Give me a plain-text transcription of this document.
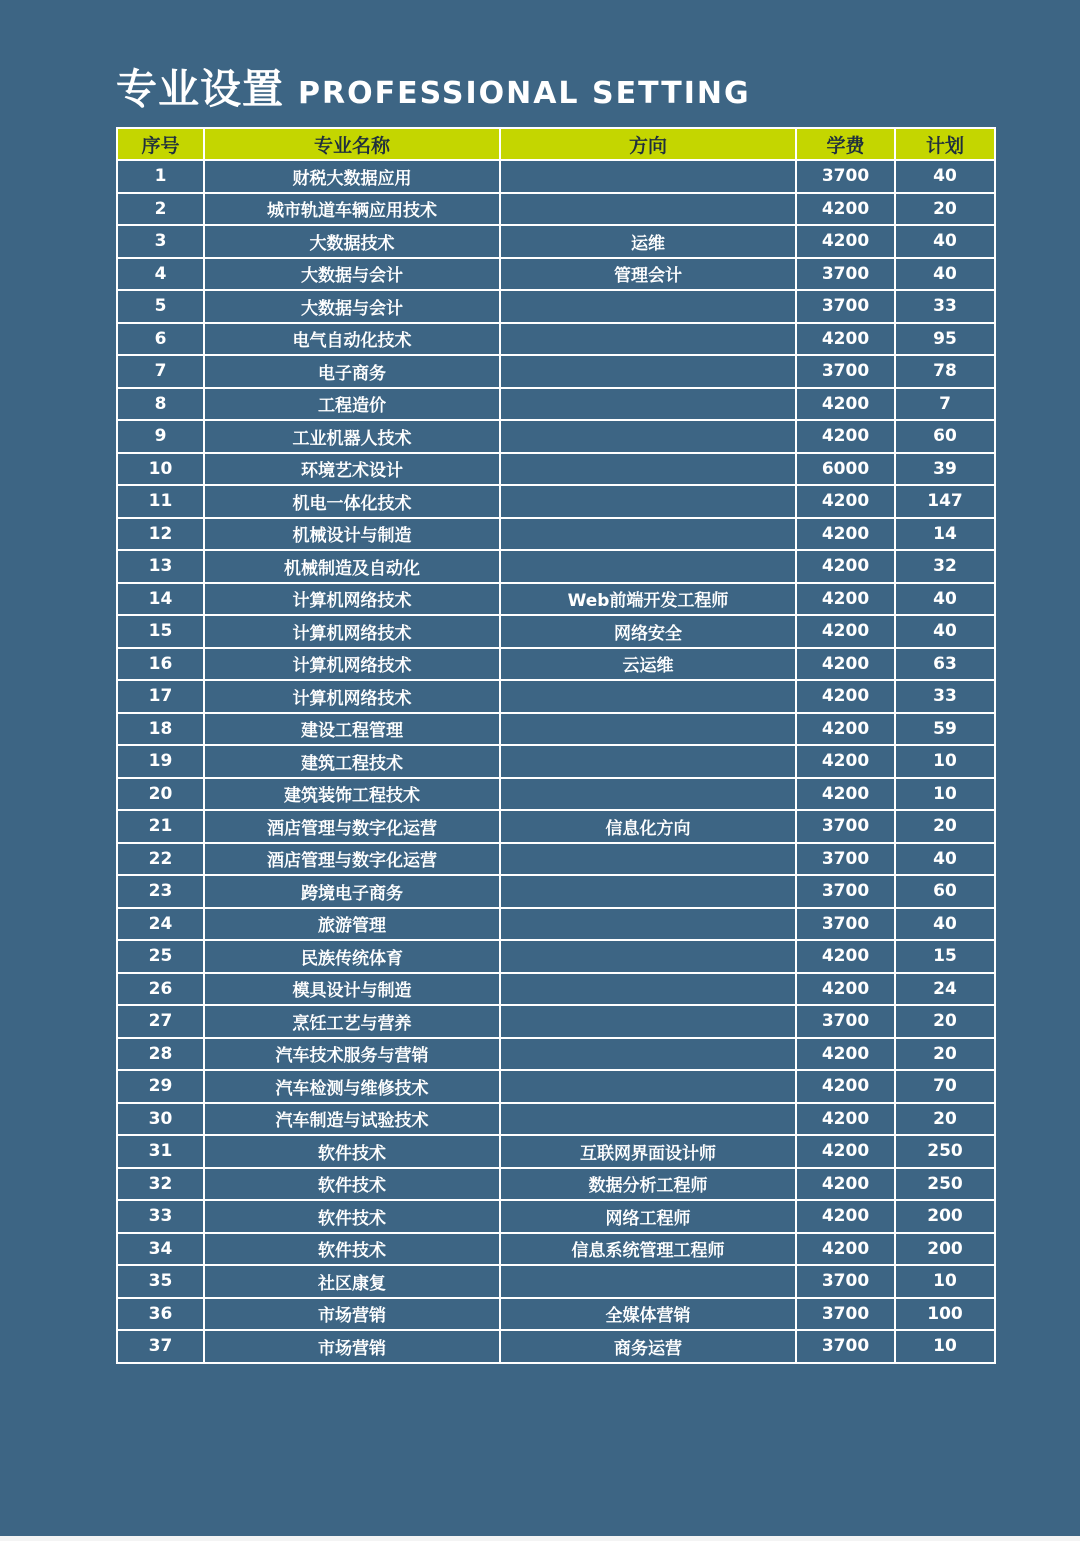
专业设置 PROFESSIONAL SETTING
序号	专业名称	方向	学费	计划
1	财税大数据应用		3700	40
2	城市轨道车辆应用技术		4200	20
3	大数据技术	运维	4200	40
4	大数据与会计	管理会计	3700	40
5	大数据与会计		3700	33
6	电气自动化技术		4200	95
7	电子商务		3700	78
8	工程造价		4200	7
9	工业机器人技术		4200	60
10	环境艺术设计		6000	39
11	机电一体化技术		4200	147
12	机械设计与制造		4200	14
13	机械制造及自动化		4200	32
14	计算机网络技术	Web前端开发工程师	4200	40
15	计算机网络技术	网络安全	4200	40
16	计算机网络技术	云运维	4200	63
17	计算机网络技术		4200	33
18	建设工程管理		4200	59
19	建筑工程技术		4200	10
20	建筑装饰工程技术		4200	10
21	酒店管理与数字化运营	信息化方向	3700	20
22	酒店管理与数字化运营		3700	40
23	跨境电子商务		3700	60
24	旅游管理		3700	40
25	民族传统体育		4200	15
26	模具设计与制造		4200	24
27	烹饪工艺与营养		3700	20
28	汽车技术服务与营销		4200	20
29	汽车检测与维修技术		4200	70
30	汽车制造与试验技术		4200	20
31	软件技术	互联网界面设计师	4200	250
32	软件技术	数据分析工程师	4200	250
33	软件技术	网络工程师	4200	200
34	软件技术	信息系统管理工程师	4200	200
35	社区康复		3700	10
36	市场营销	全媒体营销	3700	100
37	市场营销	商务运营	3700	10
